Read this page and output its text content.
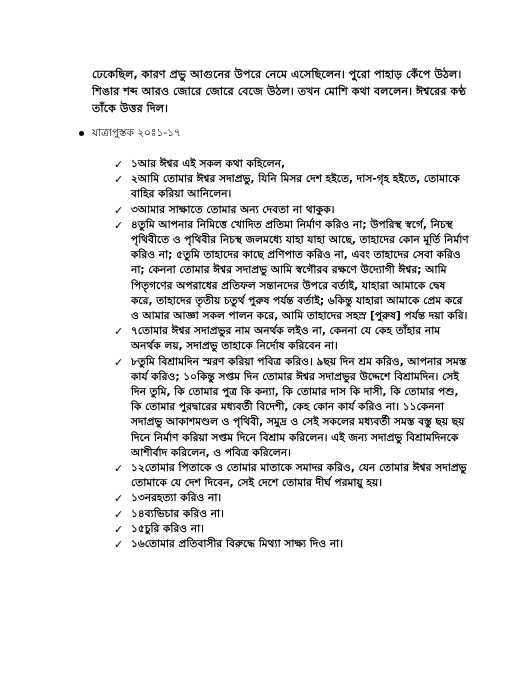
ঢেকেছিল, কারণ প্রভু আগুনের উপরে নেমে এসেছিলেন। পুরো পাহাড় কেঁপে উঠল। শিঙার শব্দ আরও জোরে জোরে বেজে উঠল। তখন মোশি কথা বললেন। ঈশ্বরের কণ্ঠ তাঁকে উত্তর দিল।

যাত্রাপুস্তক ২০ঃ১-১৭
✓ ১আর ঈশ্বর এই সকল কথা কহিলেন,
✓ ২আমি তোমার ঈশ্বর সদাপ্রভু, যিনি মিসর দেশ হইতে, দাস-গৃহ হইতে, তোমাকে বাহির করিয়া আনিলেন।
✓ ৩আমার সাক্ষাতে তোমার অন্য দেবতা না থাকুক।
✓ ৪তুমি আপনার নিমিত্তে খোদিত প্রতিমা নির্মাণ করিও না; উপরিস্থ স্বর্গে, নিচস্থ পৃথিবীতে ও পৃথিবীর নিচস্থ জলমধ্যে যাহা যাহা আছে, তাহাদের কোন মূর্তি নির্মাণ করিও না; ৫তুমি তাহাদের কাছে প্রণিপাত করিও না, এবং তাহাদের সেবা করিও না; কেননা তোমার ঈশ্বর সদাপ্রভু আমি স্বগৌরব রক্ষণে উদ্যোগী ঈশ্বর; আমি পিতৃগণের অপরাধের প্রতিফল সন্তানদের উপরে বর্তাই, যাহারা আমাকে দ্বেষ করে, তাহাদের তৃতীয় চতুর্থ পুরুষ পর্যন্ত বর্তাই; ৬কিন্তু যাহারা আমাকে প্রেম করে ও আমার আজ্ঞা সকল পালন করে, আমি তাহাদের সহস্র [পুরুষ] পর্যন্ত দয়া করি।
✓ ৭তোমার ঈশ্বর সদাপ্রভুর নাম অনর্থক লইও না, কেননা যে কেহ তাঁহার নাম অনর্থক লয়, সদাপ্রভু তাহাকে নির্দোষ করিবেন না।
✓ ৮তুমি বিশ্রামদিন স্মরণ করিয়া পবিত্র করিও। ৯ছয় দিন শ্রম করিও, আপনার সমস্ত কার্য করিও; ১০কিন্তু সপ্তম দিন তোমার ঈশ্বর সদাপ্রভুর উদ্দেশে বিশ্রামদিন। সেই দিন তুমি, কি তোমার পুত্র কি কন্যা, কি তোমার দাস কি দাসী, কি তোমার পশু, কি তোমার পুরদ্বারের মধ্যবর্তী বিদেশী, কেহ কোন কার্য করিও না। ১১কেননা সদাপ্রভু আকাশমণ্ডল ও পৃথিবী, সমুদ্র ও সেই সকলের মধ্যবর্তী সমস্ত বস্তু ছয় ছয় দিনে নির্মাণ করিয়া সপ্তম দিনে বিশ্রাম করিলেন। এই জন্য সদাপ্রভু বিশ্রামদিনকে আশীর্বাদ করিলেন, ও পবিত্র করিলেন।
✓ ১২তোমার পিতাকে ও তোমার মাতাকে সমাদর করিও, যেন তোমার ঈশ্বর সদাপ্রভু তোমাকে যে দেশ দিবেন, সেই দেশে তোমার দীর্ঘ পরমায়ু হয়।
✓ ১৩নরহত্যা করিও না।
✓ ১৪ব্যভিচার করিও না।
✓ ১৫চুরি করিও না।
✓ ১৬তোমার প্রতিবাসীর বিরুদ্ধে মিথ্যা সাক্ষ্য দিও না।
